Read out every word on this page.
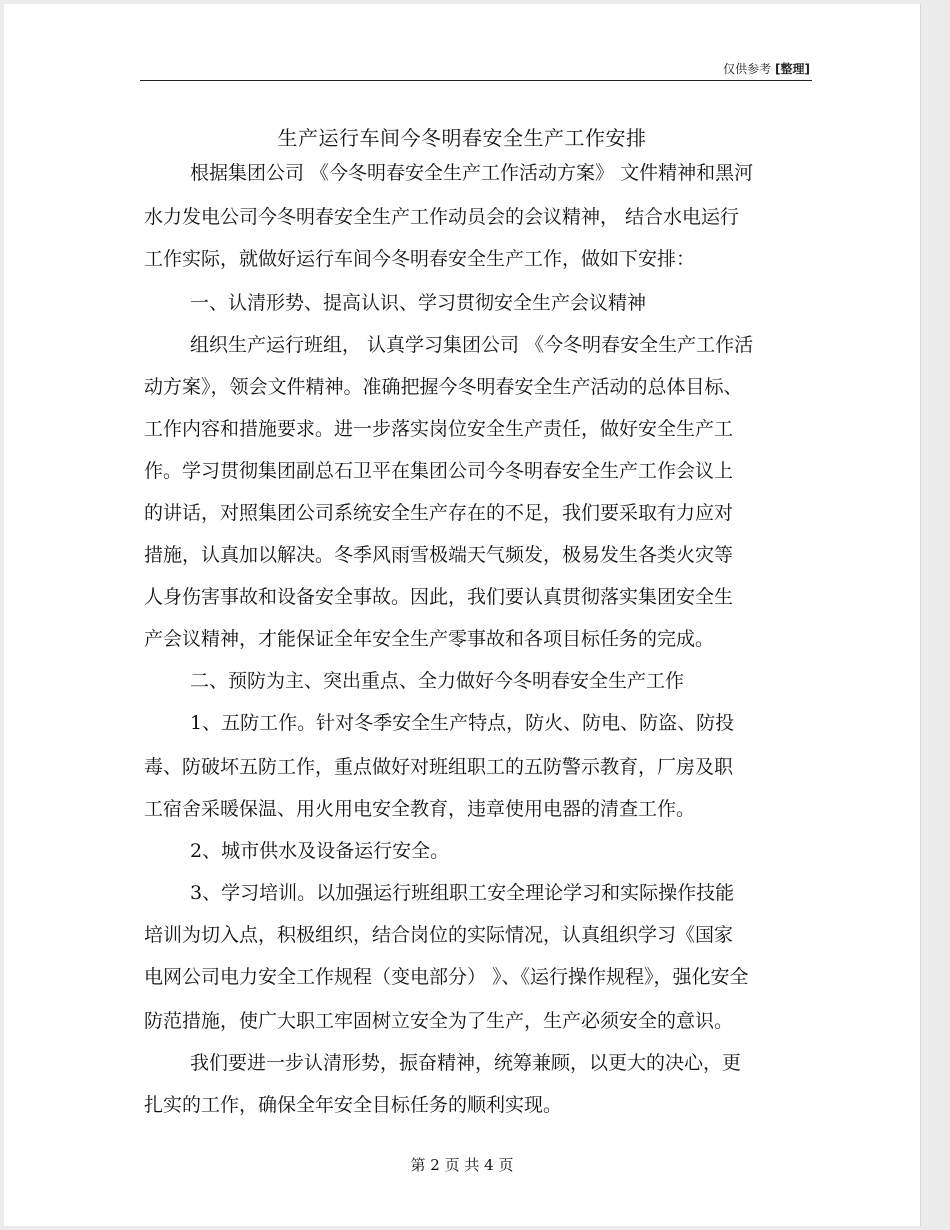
仅供参考 [整理]
生产运行车间今冬明春安全生产工作安排
根据集团公司 《今冬明春安全生产工作活动方案》 文件精神和黑河
水力发电公司今冬明春安全生产工作动员会的会议精神， 结合水电运行
工作实际，就做好运行车间今冬明春安全生产工作，做如下安排：
一、认清形势、提高认识、学习贯彻安全生产会议精神
组织生产运行班组， 认真学习集团公司 《今冬明春安全生产工作活
动方案》，领会文件精神。准确把握今冬明春安全生产活动的总体目标、
工作内容和措施要求。进一步落实岗位安全生产责任，做好安全生产工
作。学习贯彻集团副总石卫平在集团公司今冬明春安全生产工作会议上
的讲话，对照集团公司系统安全生产存在的不足，我们要采取有力应对
措施，认真加以解决。冬季风雨雪极端天气频发，极易发生各类火灾等
人身伤害事故和设备安全事故。因此，我们要认真贯彻落实集团安全生
产会议精神，才能保证全年安全生产零事故和各项目标任务的完成。
二、预防为主、突出重点、全力做好今冬明春安全生产工作
1、五防工作。针对冬季安全生产特点，防火、防电、防盗、防投
毒、防破坏五防工作，重点做好对班组职工的五防警示教育，厂房及职
工宿舍采暖保温、用火用电安全教育，违章使用电器的清查工作。
2、城市供水及设备运行安全。
3、学习培训。以加强运行班组职工安全理论学习和实际操作技能
培训为切入点，积极组织，结合岗位的实际情况，认真组织学习《国家
电网公司电力安全工作规程（变电部分） 》、《运行操作规程》，强化安全
防范措施，使广大职工牢固树立安全为了生产，生产必须安全的意识。
我们要进一步认清形势，振奋精神，统筹兼顾，以更大的决心，更
扎实的工作，确保全年安全目标任务的顺利实现。
第 2 页 共 4 页
